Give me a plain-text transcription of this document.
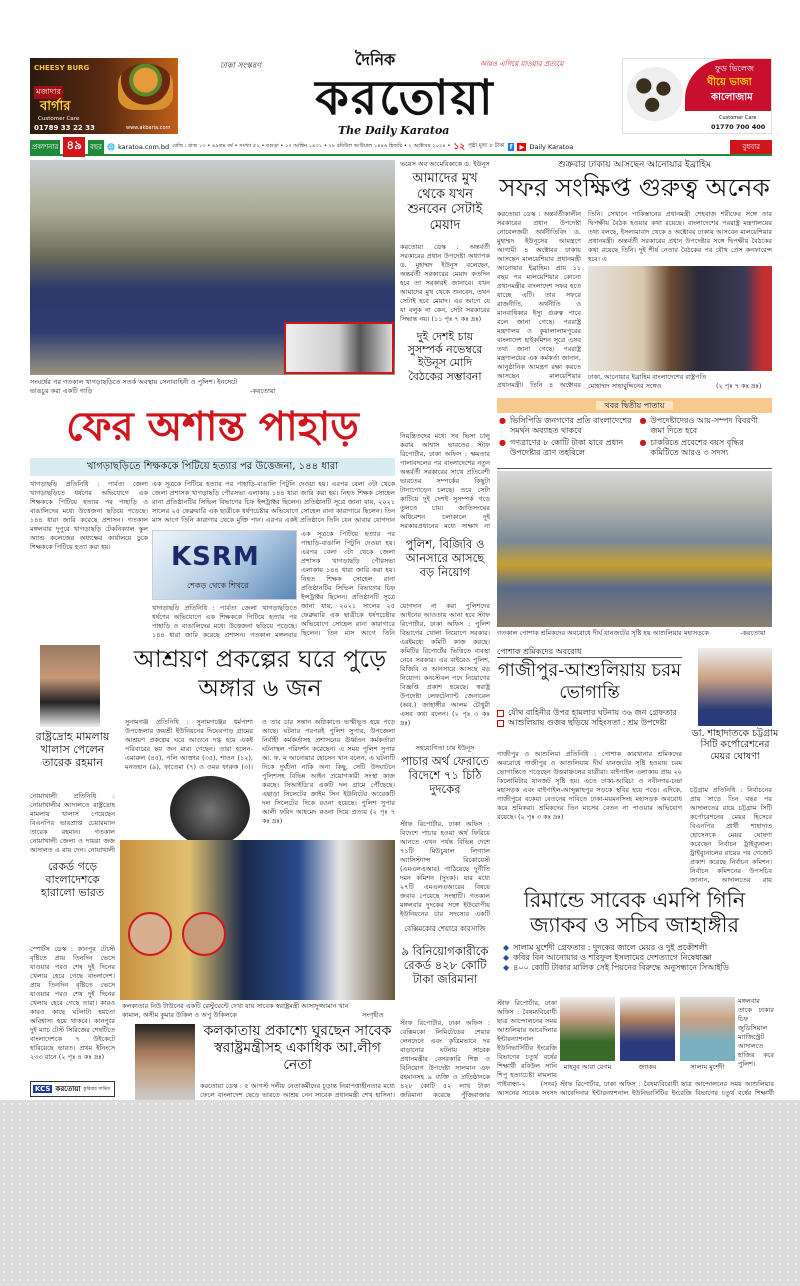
CHEESY BURG
মজাদার
বার্গার
Customer Care
01789 33 22 33	www.akbaria.com
ঢাকা সংস্করণ	দৈনিক	আরও এগিয়ে যাওয়ার প্রত্যয়ে
করতোয়া
The Daily Karatoa
ফুড ভিলেজ
ঘীয়ে ভাজা
কালোজাম
Customer Care
01770 700 400
প্রকাশনার ৪৯	বছর 🌐 karatoa.com.bd রেজি : রাজ ১৩ • ৪৯তম বর্ষ • সংখ্যা ৫১ • বগুড়া • ১৭ আশ্বিন ১৪৩১ • ২৮ রবিউল আউয়াল ১৪৪৬ হিজরি • ২ অক্টোবর ২০২৪ • ১২ পৃষ্ঠা মূল্য ৮ টাকা f	▶ Daily Karatoa	বুধবার
সংঘর্ষের পর গতকাল খাগড়াছড়িতে সতর্ক অবস্থায় সেনাবাহিনী ও পুলিশ। ইনসেটে ভাঙচুর করা একটি গাড়ি	-করতোয়া
ভয়েস অব আমেরিকাকে ড. ইউনূস
আমাদের মুখ থেকে যখন শুনবেন সেটাই মেয়াদ
করতোয়া ডেস্ক : অন্তর্বর্তী সরকারের প্রধান উপদেষ্টা অধ্যাপক ড. মুহাম্মদ ইউনূস বলেছেন, অন্তর্বর্তী সরকারের মেয়াদ কতদিন হবে তা সরকারই জানাবে। যখন আমাদের মুখ থেকে শুনবেন, তখন সেটাই হবে মেয়াদ। এর আগে যে যা বলুক না কেন, সেটা সরকারের সিদ্ধান্ত নয়। (১১ পৃঃ ৭ কঃ দ্রঃ)
দুই দেশই চায় সুসম্পর্ক নভেম্বরে ইউনূস মোদি বৈঠকের সম্ভাবনা
নিয়ন্ত্রিতদের মধ্যে সব ভিসা চালু করার আশ্বাস ভারতের স্টাফ রিপোর্টার, ঢাকা অফিস : ক্ষমতার পালাবদলের পর বাংলাদেশের নতুন অন্তর্বর্তী সরকারের সাথে প্রতিবেশী ভারতের সম্পর্কের কিছুটা টানাপোড়েন চলছে। তবে সেটা কাটিয়ে দুই দেশই সুসম্পর্ক গড়ে তুলতে চায়। জাতিসংঘের অধিবেশন চলাকালে দুই সরকারপ্রধানের মধ্যে সাক্ষাৎ না
শুক্রবার ঢাকায় আসছেন আনোয়ার ইব্রাহিম
সফর সংক্ষিপ্ত গুরুত্ব অনেক
করতোয়া ডেস্ক : অন্তর্বর্তীকালীন সরকারের প্রধান উপদেষ্টা নোবেলজয়ী অর্থনীতিবিদ ড. মুহাম্মদ ইউনূসের আমন্ত্রণে আগামী ৪ অক্টোবর ঢাকায় আসছেন মালয়েশিয়ার প্রধানমন্ত্রী আনোয়ার ইব্রাহিম। প্রায় ১১ বছর পর মালয়েশিয়ার কোনো প্রধানমন্ত্রীর বাংলাদেশ সফর হতে যাচ্ছে এটি। তার সফরে রাজনীতি, অর্থনীতি ও মানবাধিকার ইস্যু গুরুত্ব পাবে বলে জানা গেছে। পররাষ্ট্র মন্ত্রণালয় ও কুয়ালালামপুরের বাংলাদেশ হাইকমিশন সূত্রে এসব তথ্য জানা গেছে। পররাষ্ট্র মন্ত্রণালয়ের এক কর্মকর্তা জানান, আনুষ্ঠানিক আমন্ত্রণ রক্ষা করতে আসছেন মালয়েশিয়ার প্রধানমন্ত্রী। তিনি ৪ অক্টোবর
তিনি। সেখানে পাকিস্তানের প্রধানমন্ত্রী শেহবাজ শরীফের সঙ্গে তার দ্বিপক্ষীয় বৈঠক হওয়ার কথা রয়েছে। বাংলাদেশের পররাষ্ট্র মন্ত্রণালয়ের তথ্য বলছে, ইসলামাবাদ থেকে ৪ অক্টোবর ঢাকায় আসবেন মালয়েশিয়ার প্রধানমন্ত্রী। অন্তর্বর্তী সরকারের প্রধান উপদেষ্টার সঙ্গে দ্বিপক্ষীয় বৈঠকের কথা রয়েছে তিনি। দুই শীর্ষ নেতার বৈঠকের পর যৌথ প্রেস কনফারেন্স হবে। এ
ঢাকা, আনোয়ার ইব্রাহিম বাংলাদেশের রাষ্ট্রপতি মোহাম্মদ সাহাবুদ্দিনের সঙ্গেও	(২ পৃঃ ৭ কঃ দ্রঃ)
খবর দ্বিতীয় পাতায়
● ভিসিপিডি জনগণের প্রতি বাংলাদেশের সমর্থন অব্যাহত থাকবে
● উপদেষ্টাদেরও আয়-সম্পদ বিবরণী জমা দিতে হবে
● গণত্রাণের ৮ কোটি টাকা যাবে প্রধান উপদেষ্টার ত্রাণ তহবিলে
● চাকরিতে প্রবেশের বয়স বৃদ্ধির কমিটিতে আরও ৩ সদস্য
গতকাল পোশাক শ্রমিকদের অবরোধে দীর্ঘ যানজটের সৃষ্টি হয় আশুলিয়ার মহাসড়কে	-করতোয়া
ফের অশান্ত পাহাড়
খাগড়াছড়িতে শিক্ষককে পিটিয়ে হত্যার পর উত্তেজনা, ১৪৪ ধারা
খাগড়াছড়ি প্রতিনিধি : পার্বত্য জেলা খাগড়াছড়িতে ধর্ষণের অভিযোগে এক শিক্ষককে পিটিয়ে হত্যার পর পাহাড়ি ও বাঙালিদের মধ্যে উত্তেজনা ছড়িয়ে পড়েছে। ১৪৪ ধারা জারি করেছে প্রশাসন। গতকাল মঙ্গলবার দুপুরে খাগড়াছড়ি টেকনিক্যাল স্কুল অ্যান্ড কলেজের অধ্যক্ষের কার্যালয়ে ঢুকে শিক্ষককে পিটিয়ে হত্যা করা হয়।
এক সূত্রকে পিটিয়ে হত্যার পর পাহাড়ি-বাঙালি পিটুনি দেওয়া হয়। এরপর বেলা ৩টা থেকে জেলা প্রশাসক খাগড়াছড়ি পৌরসভা এলাকায় ১৪৪ ধারা জারি করা হয়। নিহত শিক্ষক সোহেল রানা প্রতিষ্ঠানটির সিভিল বিভাগের চিফ ইন্সট্রাক্টর ছিলেন। প্রতিষ্ঠানটি সূত্রে জানা যায়, ২০২১ সালের ২৫ ফেব্রুয়ারি এক ছাত্রীকে ধর্ষণচেষ্টার অভিযোগে সোহেল রানা কারাগারে ছিলেন। তিন মাস আগে তিনি কারাগার থেকে মুক্তি পান। এরপর একই প্রতিষ্ঠানে তিনি যেন আবার যোগদান
KSRM
শেকড় থেকে শিখরে
এক সূত্রকে পিটিয়ে হত্যার পর পাহাড়ি-বাঙালি পিটুনি দেওয়া হয়। এরপর বেলা ৩টা থেকে জেলা প্রশাসক খাগড়াছড়ি পৌরসভা এলাকায় ১৪৪ ধারা জারি করা হয়। নিহত শিক্ষক সোহেল রানা প্রতিষ্ঠানটির সিভিল বিভাগের চিফ ইন্সট্রাক্টর ছিলেন। প্রতিষ্ঠানটি সূত্রে জানা যায়, ২০২১ সালের ২৫ ফেব্রুয়ারি এক ছাত্রীকে ধর্ষণচেষ্টার অভিযোগে সোহেল রানা কারাগারে ছিলেন। তিন মাস আগে তিনি
খাগড়াছড়ি প্রতিনিধি : পার্বত্য জেলা খাগড়াছড়িতে ধর্ষণের অভিযোগে এক শিক্ষককে পিটিয়ে হত্যার পর পাহাড়ি ও বাঙালিদের মধ্যে উত্তেজনা ছড়িয়ে পড়েছে। ১৪৪ ধারা জারি করেছে প্রশাসন। গতকাল মঙ্গলবার
পুলিশ, বিজিবি ও আনসারে আসছে বড় নিয়োগ
যোগদান না করা পুলিশদের আইনের আওতায় আনা হবে স্টাফ রিপোর্টার, ঢাকা অফিস : পুলিশ বিভাগের খোলা নিয়োগে সরকার। এরইমধ্যে কমিটি কাজ করছে। কমিটির রিপোর্টের ভিত্তিতে ব্যবস্থা নেবে সরকার। এর বাইরেও পুলিশ, বিজিবি ও আনসারে আসছে বড় নিয়োগ। কনস্টেবল পদে নিয়োগের বিজ্ঞপ্তি প্রকাশ হয়েছে। স্বরাষ্ট্র উপদেষ্টা লেফটেন্যান্ট জেনারেল (অব.) জাহাঙ্গীর আলম চৌধুরী এসব কথা বলেন। (২ পৃঃ ৩ কঃ দ্রঃ)
রাষ্ট্রদ্রোহ মামলায় খালাস পেলেন তারেক রহমান
নোয়াখালী প্রতিনিধি : নোয়াখালীর আদালতে রাষ্ট্রদ্রোহ মামলায় খালাস পেয়েছেন বিএনপির ভারপ্রাপ্ত চেয়ারম্যান তারেক রহমান। গতকাল নোয়াখালী জেলা ও দায়রা জজ আদালত এ রায় দেন। নোয়াখালী
রেকর্ড গড়ে বাংলাদেশকে হারালো ভারত
স্পোর্টস ডেস্ক : কানপুর টেস্টে বৃষ্টিতে প্রায় তিনদিন ভেসে যাওয়ার পরও শেষ দুই দিনের খেলায় হেরে গেছে বাংলাদেশ। প্রায় তিনদিন বৃষ্টিতে ভেসে যাওয়ার পরও শেষ দুই দিনের খেলায় হেরে গেছে তারা। কারও কারও কাছে ঘটনাটা হয়তো অবিশ্বাস্য হয়ে থাকবে। কানপুরে দুই ম্যাচ টেস্ট সিরিজের শেষটিতে বাংলাদেশকে ৭ উইকেটে হারিয়েছে ভারত। প্রথম ইনিংসে ২৩৩ রানে (২ পৃঃ ৪ কঃ দ্রঃ)
KCS করতোয়া কুরিয়ার সার্ভিস
আশ্রয়ণ প্রকল্পের ঘরে পুড়ে অঙ্গার ৬ জন
সুনামগঞ্জ প্রতিনিধি : সুনামগঞ্জের ধর্মপাশা উপজেলার জয়শ্রী ইউনিয়নের দিঘেরপাড় গ্রামের আশ্রয়ণ প্রকল্পের ঘরে আগুনে দগ্ধ হয়ে একই পরিবারের ছয় জন মারা গেছেন। তারা হলেন- এমারুল (৪৫), পলি আক্তার (৩৫), শাওন (১২), মনতহান (৯), ফাতেমা (৭) ও ওমর ফারুক (৩)।
ও তার চার সন্তান অগ্নিকাণ্ডে ভস্মীভূত হয়ে পড়ে আছে। ঘটনার পরপরই পুলিশ সুপার, উপজেলা নির্বাহী কর্মকর্তাসহ প্রশাসনের ঊর্ধ্বতন কর্মকর্তারা ঘটনাস্থল পরিদর্শন করেছেন। এ সময় পুলিশ সুপার আ. ফ. ম আনোয়ার হোসেন খান বলেন, এ ঘটনাটি দিকে দুর্ঘটনা নাকি অন্য কিছু, সেটি উদঘাটনে পুলিশসহ বিভিন্ন আইন প্রয়োগকারী সংস্থা কাজ করছে। সিআইডি'র একটি দল গ্রামে পৌঁছেছে। এছাড়া সিলেটের ক্রাইম সিন ইউনিটের আরেকটি দল সিলেটের দিকে রওনা হয়েছে। পুলিশ সুপার আলী ফরিদ আহমেদ রওনা দিয়ে প্রত্যয় (২ পৃঃ ৭ কঃ দ্রঃ)
কলকাতার নিউ টাউনের একটি রেস্টুরেন্টে দেখা যায় সাবেক স্বরাষ্ট্রমন্ত্রী আসাদুজ্জামান খান কামাল, অসীম কুমার উকিল ও অপু উকিলকে	সংগৃহীত
কলকাতায় প্রকাশ্যে ঘুরছেন সাবেক স্বরাষ্ট্রমন্ত্রীসহ একাধিক আ.লীগ নেতা
করতোয়া ডেস্ক : ৫ আগস্ট দলীয় নেতাকর্মীদের চূড়ান্ত নিরাপত্তাহীনতার মধ্যে ফেলে বাংলাদেশ ছেড়ে ভারতে আশ্রয় নেন সাবেক প্রধানমন্ত্রী শেখ হাসিনা।
সহযোগিতা চায় ইউনূস
পাচার অর্থ ফেরাতে বিদেশে ৭১ চিঠি দুদকের
স্টাফ রিপোর্টার, ঢাকা অফিস : বিদেশে পাচার হওয়া অর্থ ফিরিয়ে আনতে এখন পর্যন্ত বিভিন্ন দেশে ৭১টি মিউচুয়াল লিগ্যাল অ্যাসিস্ট্যান্স রিকোয়েস্ট (এমএলএআর) পাঠিয়েছে দুর্নীতি দমন কমিশন (দুদক)। যার মধ্যে ২৭টি এমএলএআরের বিষয়ে জবাব পেয়েছে সংস্থাটি। গতকাল মঙ্গলবার দুদকের সঙ্গে ইউরোপীয় ইউনিয়নের চার সদস্যের একটি
বেক্সিমকোর শেয়ারে কারসাজি
৯ বিনিয়োগকারীকে রেকর্ড ৪২৮ কোটি টাকা জরিমানা
স্টাফ রিপোর্টার, ঢাকা অফিস : বেক্সিমকো লিমিটেডের শেয়ার লেনদেনে এবং কৃত্রিমভাবে দর বাড়ানোর ঘটনায় সাবেক প্রধানমন্ত্রীর বেসরকারি শিল্প ও বিনিয়োগ উপদেষ্টা সালমান এফ রহমানসহ ৯ ব্যক্তি ও প্রতিষ্ঠানকে ৪২৮ কোটি ৫২ লাখ টাকা জরিমানা করেছে পুঁজিবাজার
পোশাক শ্রমিকদের অবরোধ
গাজীপুর-আশুলিয়ায় চরম ভোগান্তি
যৌথ বাহিনীর উপর হামলার ঘটনায় ৩৬ জন গ্রেফতার
আশুলিয়ায় গুজব ছড়িয়ে সহিংসতা : শ্রম উপদেষ্টা
গাজীপুর ও আশুলিয়া প্রতিনিধি : পোশাক কারখানার শ্রমিকদের অবরোধে গাজীপুর ও আশুলিয়ায় দীর্ঘ যানজটের সৃষ্টি হওয়ায় চরম ভোগান্তিতে পড়েছেন উত্তরাঞ্চলের যাত্রীরা। বাইপাইল এলাকায় প্রায় ২০ কিলোমিটার যানজট সৃষ্টি হয়। এতে ঢাকা-আরিচা ও নবীনগর-চন্দ্রা মহাসড়ক এবং বাইপাইল-আব্দুল্লাহপুর সড়কে স্থবির হয়ে পড়ে। এদিকে, গাজীপুরে বকেয়া বেতনের দাবিতে ঢাকা-ময়মনসিংহ মহাসড়ক অবরোধ করে শ্রমিকরা। শ্রমিকদের তিন মাসের বেতন না পাওয়ার অভিযোগ রয়েছে। (২ পৃঃ ৩ কঃ দ্রঃ)
ডা. শাহাদাতকে চট্টগ্রাম সিটি কর্পোরেশনের মেয়র ঘোষণা
চট্টগ্রাম প্রতিনিধি : নির্বাচনের প্রায় সাড়ে তিন বছর পর আদালতের রায়ে চট্টগ্রাম সিটি কর্পোরেশনের মেয়র হিসেবে বিএনপির প্রার্থী শাহাদাত হোসেনকে মেয়র ঘোষণা করেছেন নির্বাচন ট্রাইব্যুনাল। ট্রাইব্যুনালের রায়ের পর গেজেট প্রকাশ করেছে নির্বাচন কমিশন। নির্বাচন কমিশনের উপসচিব জানান, আদালতের রায়
রিমান্ডে সাবেক এমপি গিনি জ্যাকব ও সচিব জাহাঙ্গীর
◆ সালাম মুর্শেদী গ্রেফতার : দুদকের জালে মেয়র ও দুই প্রকৌশলী
◆ কবির বিন আনোয়ার ও শরিফুল ইসলামের দেশত্যাগে নিষেধাজ্ঞা
◆ ৪০০ কোটি টাকার মালিক সেই পিয়নের বিরুদ্ধে অনুসন্ধানে সিআইডি
স্টাফ রিপোর্টার, ঢাকা অফিস : বৈষম্যবিরোধী ছাত্র আন্দোলনের সময় আশুলিয়ার আবেদিনার ইন্টারন্যাশনাল ইউনিভার্সিটির ইংরেজি বিভাগের চতুর্থ বর্ষের শিক্ষার্থী রবিউল সানি শিপু হত্যাচেষ্টা মামলায় গাইবান্ধা-২ (সদর) আসনের সাবেক সংসদ
মাহবুব আরা বেগম	জ্যাকব	সালাম মুর্শেদী
মঙ্গলবার তাকে ঢাকার চিফ জুডিসিয়াল ম্যাজিস্ট্রেট আদালতে হাজির করে পুলিশ।
স্টাফ রিপোর্টার, ঢাকা অফিস : বৈষম্যবিরোধী ছাত্র আন্দোলনের সময় আশুলিয়ার আবেদিনার ইন্টারন্যাশনাল ইউনিভার্সিটির ইংরেজি বিভাগের চতুর্থ বর্ষের শিক্ষার্থী
